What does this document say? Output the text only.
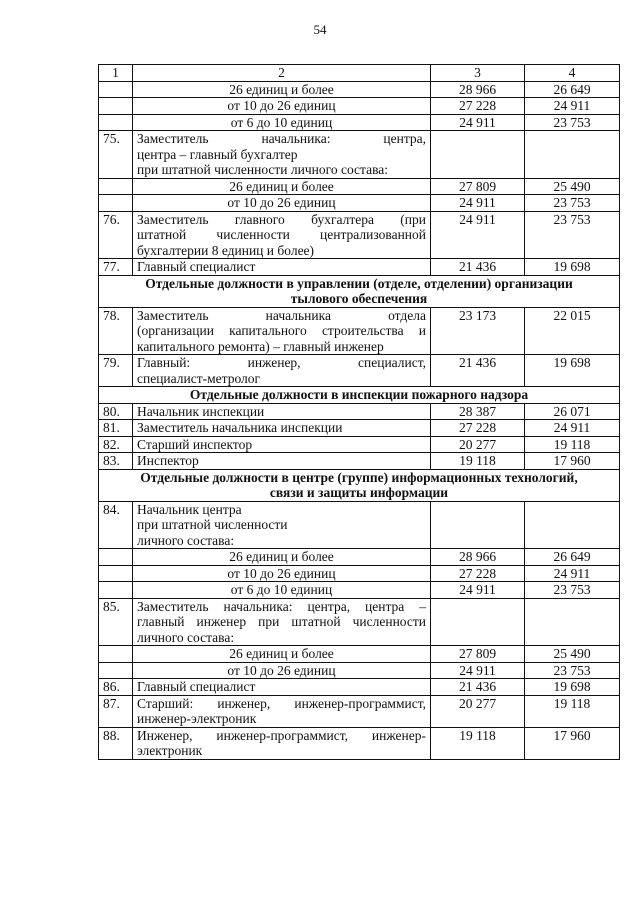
54
1	2	3	4
	26 единиц и более	28 966	26 649
	от 10 до 26 единиц	27 228	24 911
	от 6 до 10 единиц	24 911	23 753
75.	Заместитель начальника: центра,
центра – главный бухгалтер
при штатной численности личного состава:		

	26 единиц и более	27 809	25 490
	от 10 до 26 единиц	24 911	23 753
76.	Заместитель главного бухгалтера (при
штатной численности централизованной
бухгалтерии 8 единиц и более)	24 911	23 753
77.	Главный специалист	21 436	19 698

Отдельные должности в управлении (отделе, отделении) организации
тылового обеспечения			

78.	Заместитель начальника отдела
(организации капитального строительства и
капитального ремонта) – главный инженер	23 173	22 015
79.	Главный: инженер, специалист,
специалист-метролог	21 436	19 698

Отдельные должности в инспекции пожарного надзора			

80.	Начальник инспекции	28 387	26 071
81.	Заместитель начальника инспекции	27 228	24 911
82.	Старший инспектор	20 277	19 118
83.	Инспектор	19 118	17 960

Отдельные должности в центре (группе) информационных технологий,
связи и защиты информации			

84.	Начальник центра
при штатной численности
личного состава:		

	26 единиц и более	28 966	26 649
	от 10 до 26 единиц	27 228	24 911
	от 6 до 10 единиц	24 911	23 753
85.	Заместитель начальника: центра, центра –
главный инженер при штатной численности
личного состава:		

	26 единиц и более	27 809	25 490
	от 10 до 26 единиц	24 911	23 753
86.	Главный специалист	21 436	19 698
87.	Старший: инженер, инженер-программист,
инженер-электроник	20 277	19 118
88.	Инженер, инженер-программист, инженер-
электроник	19 118	17 960
